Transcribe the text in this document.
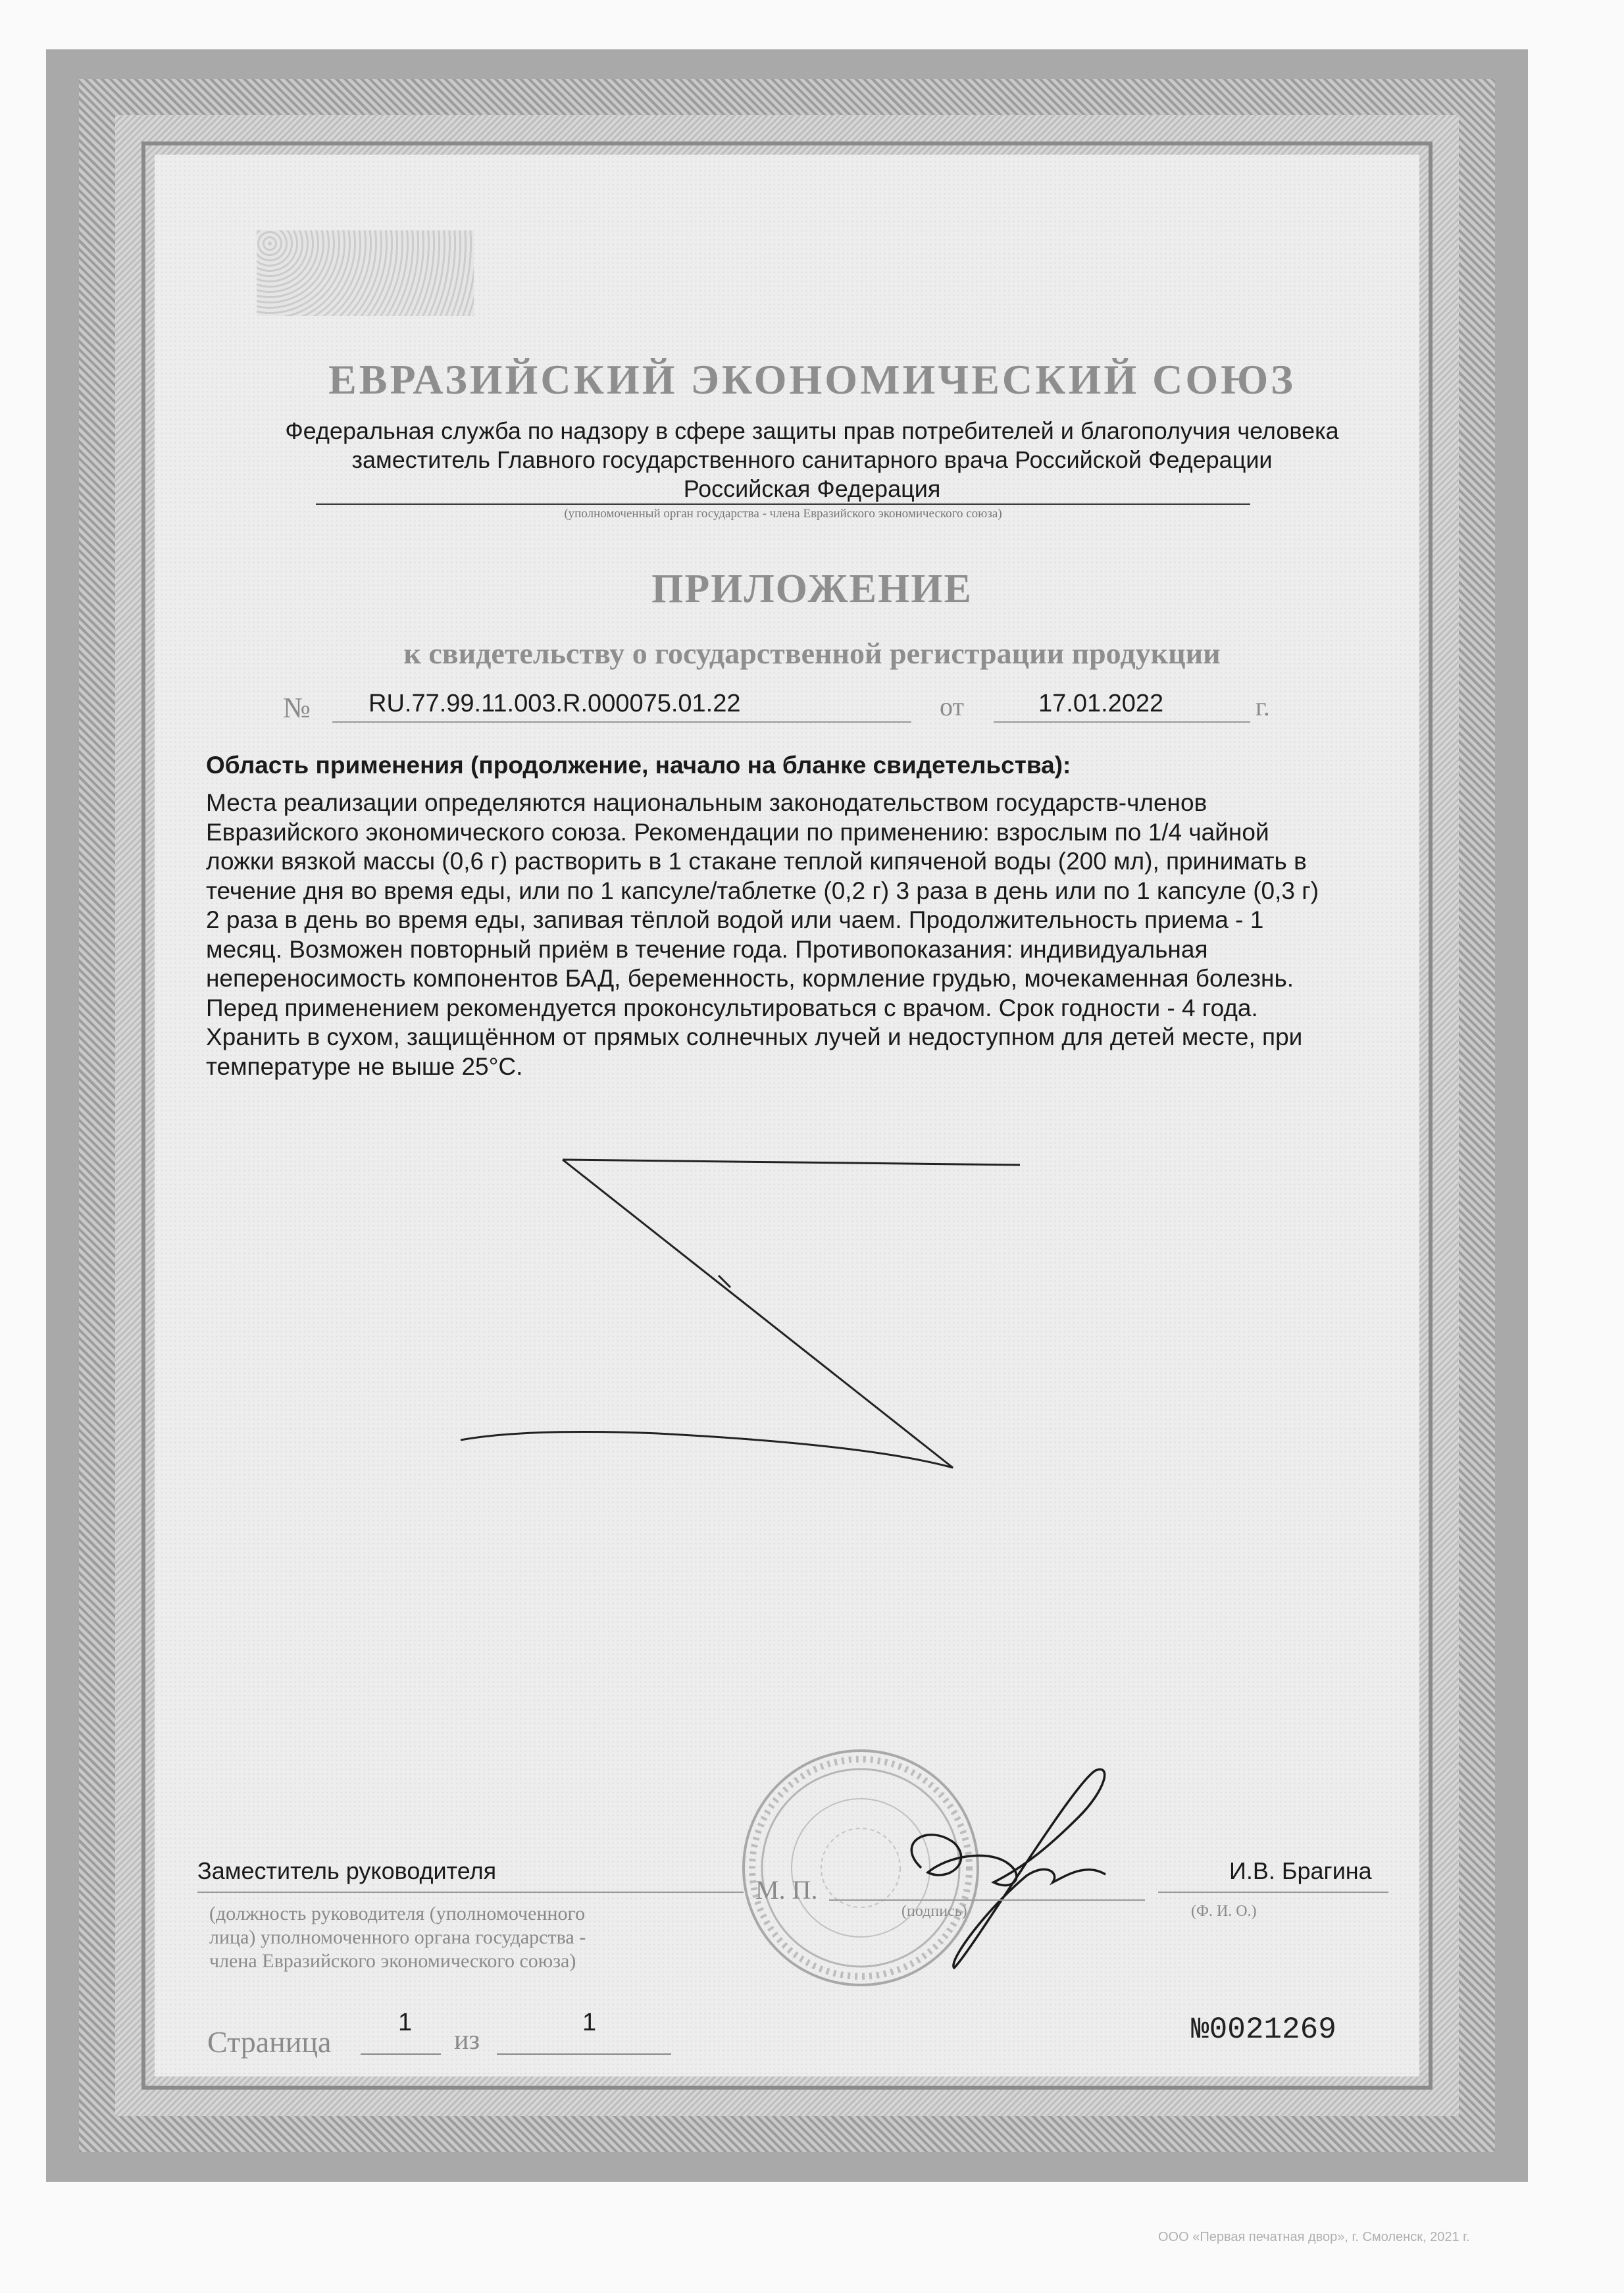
ЕВРАЗИЙСКИЙ ЭКОНОМИЧЕСКИЙ СОЮЗ
Федеральная служба по надзору в сфере защиты прав потребителей и благополучия человека
заместитель Главного государственного санитарного врача Российской Федерации
Российская Федерация
(уполномоченный орган государства - члена Евразийского экономического союза)
ПРИЛОЖЕНИЕ
к свидетельству о государственной регистрации продукции
№ RU.77.99.11.003.R.000075.01.22	от	17.01.2022	г.
Область применения (продолжение, начало на бланке свидетельства):
Места реализации определяются национальным законодательством государств-членов
Евразийского экономического союза. Рекомендации по применению: взрослым по 1/4 чайной
ложки вязкой массы (0,6 г) растворить в 1 стакане теплой кипяченой воды (200 мл), принимать в
течение дня во время еды, или по 1 капсуле/таблетке (0,2 г) 3 раза в день или по 1 капсуле (0,3 г)
2 раза в день во время еды, запивая тёплой водой или чаем. Продолжительность приема - 1
месяц. Возможен повторный приём в течение года. Противопоказания: индивидуальная
непереносимость компонентов БАД, беременность, кормление грудью, мочекаменная болезнь.
Перед применением рекомендуется проконсультироваться с врачом. Срок годности - 4 года.
Хранить в сухом, защищённом от прямых солнечных лучей и недоступном для детей месте, при
температуре не выше 25°С.
Заместитель руководителя
М. П.
И.В. Брагина
(должность руководителя (уполномоченного
лица) уполномоченного органа государства -
члена Евразийского экономического союза)
(подпись)	(Ф. И. О.)
Страница
1
из
1	№0021269
ООО «Первая печатная двор», г. Смоленск, 2021 г.
